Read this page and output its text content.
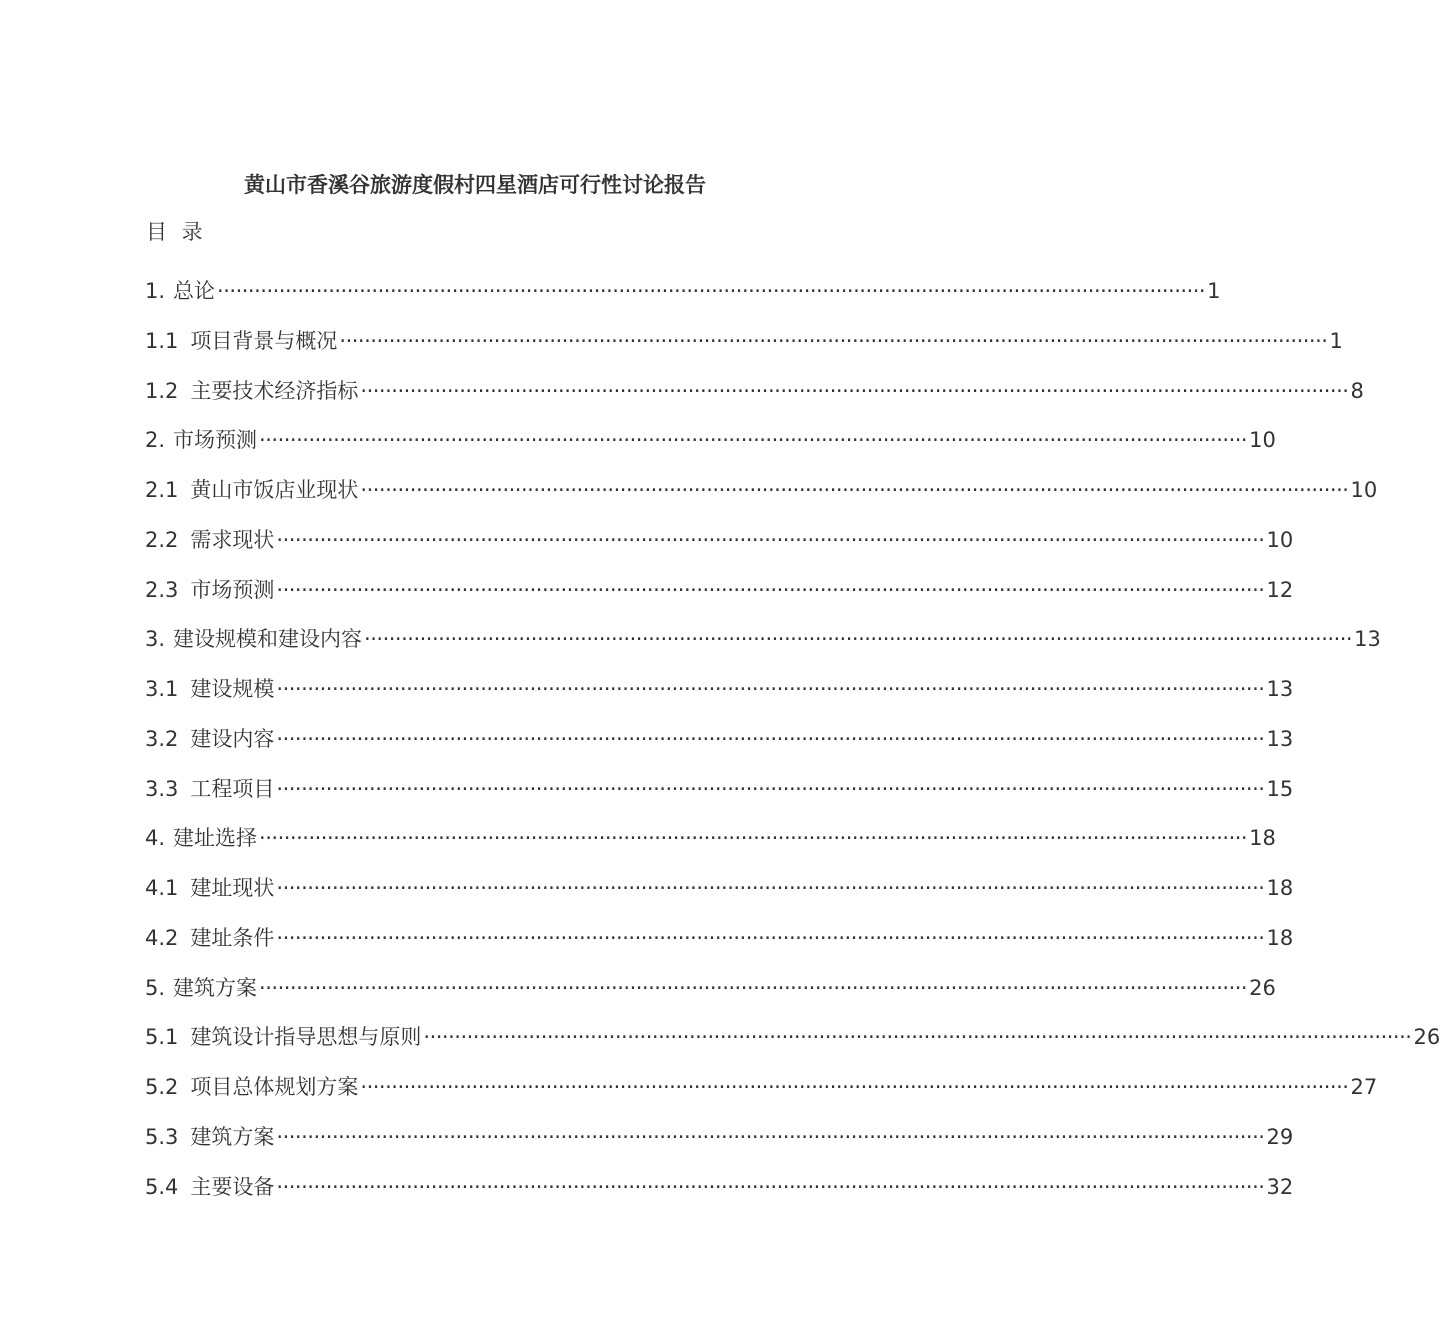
黄山市香溪谷旅游度假村四星酒店可行性讨论报告
目 录
1. 总论 ································································································································································ 1
1.1 项目背景与概况 ································································································································································ 1
1.2 主要技术经济指标 ································································································································································ 8
2. 市场预测 ································································································································································ 10
2.1 黄山市饭店业现状 ································································································································································ 10
2.2 需求现状 ································································································································································ 10
2.3 市场预测 ································································································································································ 12
3. 建设规模和建设内容 ································································································································································ 13
3.1 建设规模 ································································································································································ 13
3.2 建设内容 ································································································································································ 13
3.3 工程项目 ································································································································································ 15
4. 建址选择 ································································································································································ 18
4.1 建址现状 ································································································································································ 18
4.2 建址条件 ································································································································································ 18
5. 建筑方案 ································································································································································ 26
5.1 建筑设计指导思想与原则 ································································································································································ 26
5.2 项目总体规划方案 ································································································································································ 27
5.3 建筑方案 ································································································································································ 29
5.4 主要设备 ································································································································································ 32
